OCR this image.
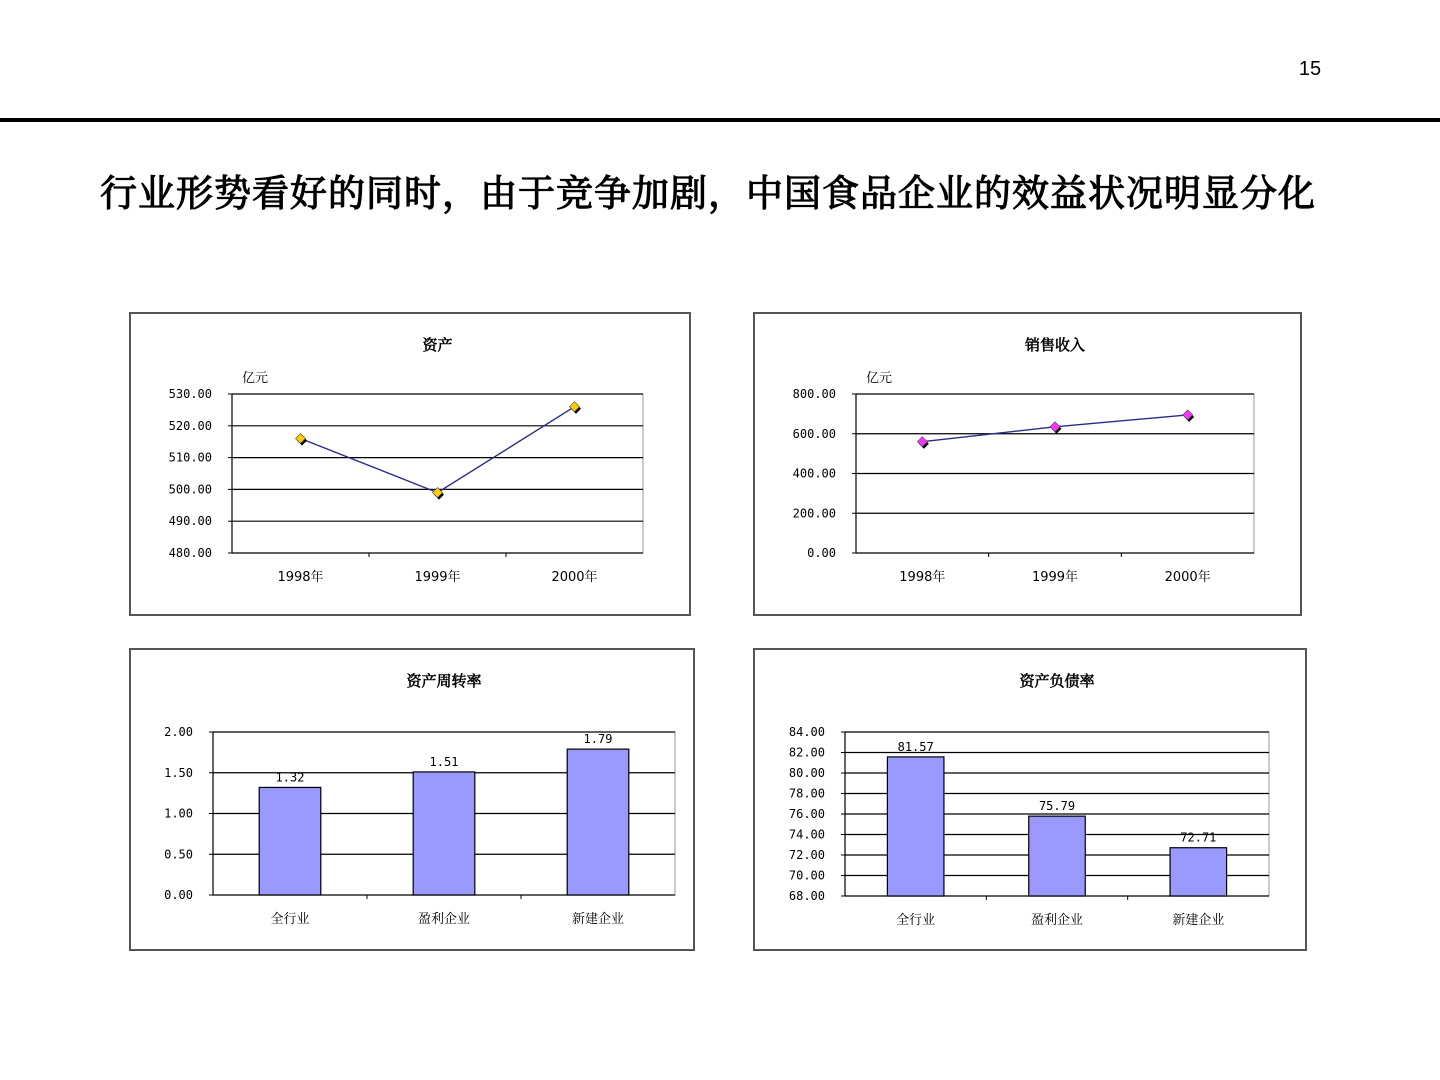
15
行业形势看好的同时，由于竞争加剧，中国食品企业的效益状况明显分化
资产
亿元
480.00
490.00
500.00
510.00
520.00
530.00
1998年	1999年	2000年
销售收入
亿元
0.00
200.00
400.00
600.00
800.00
1998年	1999年	2000年
资产周转率
0.00
0.50
1.00
1.50
2.00
全行业	盈利企业	新建企业
1.32
1.51
1.79
资产负债率
68.00
70.00
72.00
74.00
76.00
78.00
80.00
82.00
84.00
全行业	盈利企业	新建企业
81.57
75.79
72.71
